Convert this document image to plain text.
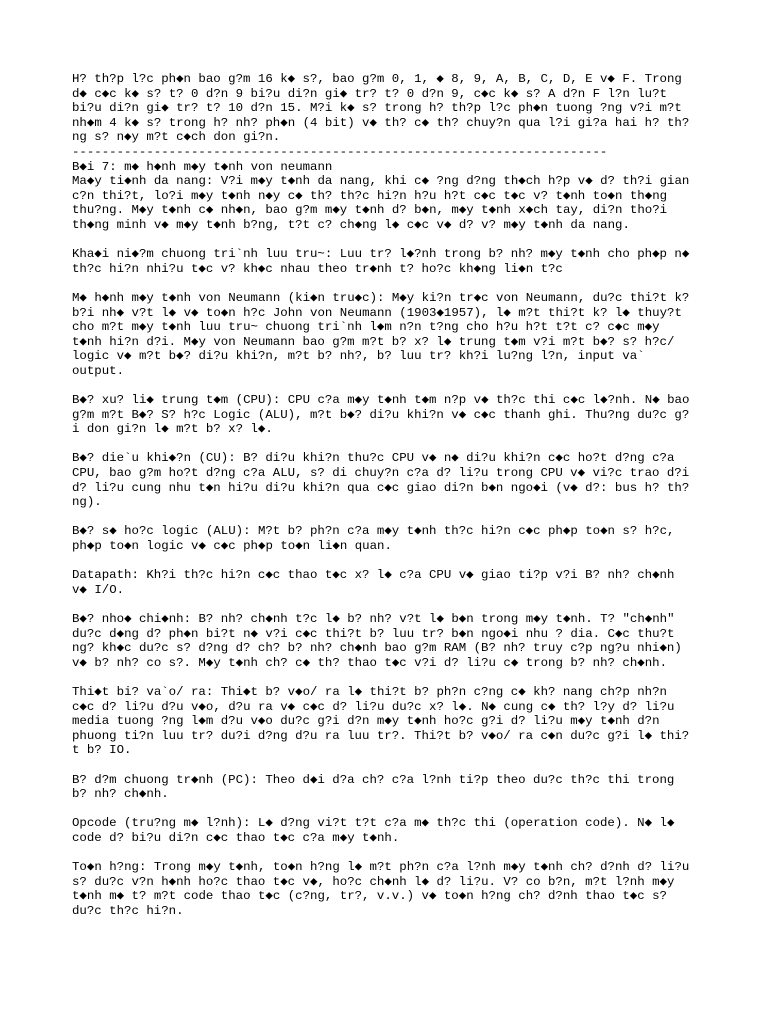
H? th?p l?c ph◆n bao g?m 16 k◆ s?, bao g?m 0, 1, ◆ 8, 9, A, B, C, D, E v◆ F. Trong
d◆ c◆c k◆ s? t? 0 d?n 9 bi?u di?n gi◆ tr? t? 0 d?n 9, c◆c k◆ s? A d?n F l?n lu?t
bi?u di?n gi◆ tr? t? 10 d?n 15. M?i k◆ s? trong h? th?p l?c ph◆n tuong ?ng v?i m?t
nh◆m 4 k◆ s? trong h? nh? ph◆n (4 bit) v◆ th? c◆ th? chuy?n qua l?i gi?a hai h? th?
ng s? n◆y m?t c◆ch don gi?n.
------------------------------------------------------------------------

B◆i 7: m◆ h◆nh m◆y t◆nh von neumann
Ma◆y ti◆nh da nang: V?i m◆y t◆nh da nang, khi c◆ ?ng d?ng th◆ch h?p v◆ d? th?i gian
c?n thi?t, lo?i m◆y t◆nh n◆y c◆ th? th?c hi?n h?u h?t c◆c t◆c v? t◆nh to◆n th◆ng
thu?ng. M◆y t◆nh c◆ nh◆n, bao g?m m◆y t◆nh d? b◆n, m◆y t◆nh x◆ch tay, di?n tho?i
th◆ng minh v◆ m◆y t◆nh b?ng, t?t c? ch◆ng l◆ c◆c v◆ d? v? m◆y t◆nh da nang.

Kha◆i ni◆?m chuong tri`nh luu tru~: Luu tr? l◆?nh trong b? nh? m◆y t◆nh cho ph◆p n◆
th?c hi?n nhi?u t◆c v? kh◆c nhau theo tr◆nh t? ho?c kh◆ng li◆n t?c

M◆ h◆nh m◆y t◆nh von Neumann (ki◆n tru◆c): M◆y ki?n tr◆c von Neumann, du?c thi?t k?
b?i nh◆ v?t l◆ v◆ to◆n h?c John von Neumann (1903◆1957), l◆ m?t thi?t k? l◆ thuy?t
cho m?t m◆y t◆nh luu tru~ chuong tri`nh l◆m n?n t?ng cho h?u h?t t?t c? c◆c m◆y
t◆nh hi?n d?i. M◆y von Neumann bao g?m m?t b? x? l◆ trung t◆m v?i m?t b◆? s? h?c/
logic v◆ m?t b◆? di?u khi?n, m?t b? nh?, b? luu tr? kh?i lu?ng l?n, input va`
output.

B◆? xu? li◆ trung t◆m (CPU): CPU c?a m◆y t◆nh t◆m n?p v◆ th?c thi c◆c l◆?nh. N◆ bao
g?m m?t B◆? S? h?c Logic (ALU), m?t b◆? di?u khi?n v◆ c◆c thanh ghi. Thu?ng du?c g?
i don gi?n l◆ m?t b? x? l◆.

B◆? die`u khi◆?n (CU): B? di?u khi?n thu?c CPU v◆ n◆ di?u khi?n c◆c ho?t d?ng c?a
CPU, bao g?m ho?t d?ng c?a ALU, s? di chuy?n c?a d? li?u trong CPU v◆ vi?c trao d?i
d? li?u cung nhu t◆n hi?u di?u khi?n qua c◆c giao di?n b◆n ngo◆i (v◆ d?: bus h? th?
ng).

B◆? s◆ ho?c logic (ALU): M?t b? ph?n c?a m◆y t◆nh th?c hi?n c◆c ph◆p to◆n s? h?c,
ph◆p to◆n logic v◆ c◆c ph◆p to◆n li◆n quan.

Datapath: Kh?i th?c hi?n c◆c thao t◆c x? l◆ c?a CPU v◆ giao ti?p v?i B? nh? ch◆nh
v◆ I/O.

B◆? nho◆ chi◆nh: B? nh? ch◆nh t?c l◆ b? nh? v?t l◆ b◆n trong m◆y t◆nh. T? "ch◆nh"
du?c d◆ng d? ph◆n bi?t n◆ v?i c◆c thi?t b? luu tr? b◆n ngo◆i nhu ? dia. C◆c thu?t
ng? kh◆c du?c s? d?ng d? ch? b? nh? ch◆nh bao g?m RAM (B? nh? truy c?p ng?u nhi◆n)
v◆ b? nh? co s?. M◆y t◆nh ch? c◆ th? thao t◆c v?i d? li?u c◆ trong b? nh? ch◆nh.

Thi◆t bi? va`o/ ra: Thi◆t b? v◆o/ ra l◆ thi?t b? ph?n c?ng c◆ kh? nang ch?p nh?n
c◆c d? li?u d?u v◆o, d?u ra v◆ c◆c d? li?u du?c x? l◆. N◆ cung c◆ th? l?y d? li?u
media tuong ?ng l◆m d?u v◆o du?c g?i d?n m◆y t◆nh ho?c g?i d? li?u m◆y t◆nh d?n
phuong ti?n luu tr? du?i d?ng d?u ra luu tr?. Thi?t b? v◆o/ ra c◆n du?c g?i l◆ thi?
t b? IO.

B? d?m chuong tr◆nh (PC): Theo d◆i d?a ch? c?a l?nh ti?p theo du?c th?c thi trong
b? nh? ch◆nh.

Opcode (tru?ng m◆ l?nh): L◆ d?ng vi?t t?t c?a m◆ th?c thi (operation code). N◆ l◆
code d? bi?u di?n c◆c thao t◆c c?a m◆y t◆nh.

To◆n h?ng: Trong m◆y t◆nh, to◆n h?ng l◆ m?t ph?n c?a l?nh m◆y t◆nh ch? d?nh d? li?u
s? du?c v?n h◆nh ho?c thao t◆c v◆, ho?c ch◆nh l◆ d? li?u. V? co b?n, m?t l?nh m◆y
t◆nh m◆ t? m?t code thao t◆c (c?ng, tr?, v.v.) v◆ to◆n h?ng ch? d?nh thao t◆c s?
du?c th?c hi?n.
